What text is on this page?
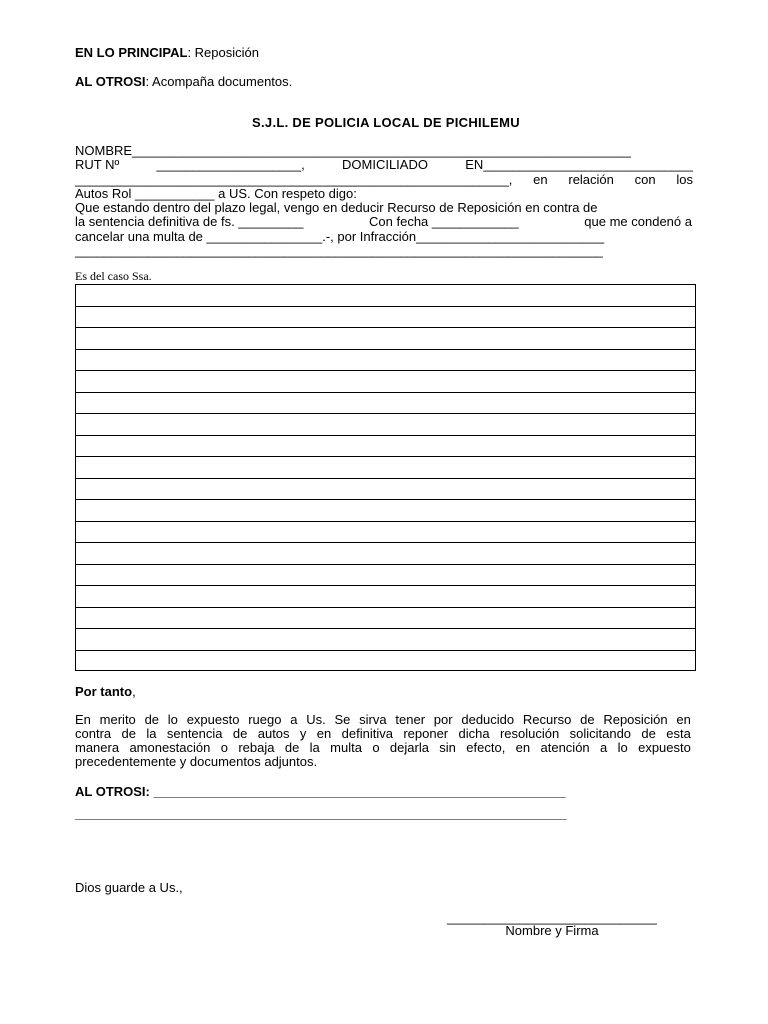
EN LO PRINCIPAL: Reposición
AL OTROSI: Acompaña documentos.
S.J.L. DE POLICIA LOCAL DE PICHILEMU
NOMBRE_____________________________________________________________________
RUT Nº	____________________,	DOMICILIADO	EN_____________________________
____________________________________________________________, en relación con los
Autos Rol ___________ a US. Con respeto digo:
Que estando dentro del plazo legal, vengo en deducir Recurso de Reposición en contra de
la sentencia definitiva de fs. _________	Con fecha ____________	que me condenó a
cancelar una multa de ________________.-, por Infracción__________________________
_________________________________________________________________________
Es del caso Ssa.
Por tanto,
En merito de lo expuesto ruego a Us. Se sirva tener por deducido Recurso de Reposición en
contra de la sentencia de autos y en definitiva reponer dicha resolución solicitando de esta
manera amonestación o rebaja de la multa o dejarla sin efecto, en atención a lo expuesto
precedentemente y documentos adjuntos.
AL OTROSI: _________________________________________________________
____________________________________________________________________
Dios guarde a Us.,
_____________________________
Nombre y Firma
